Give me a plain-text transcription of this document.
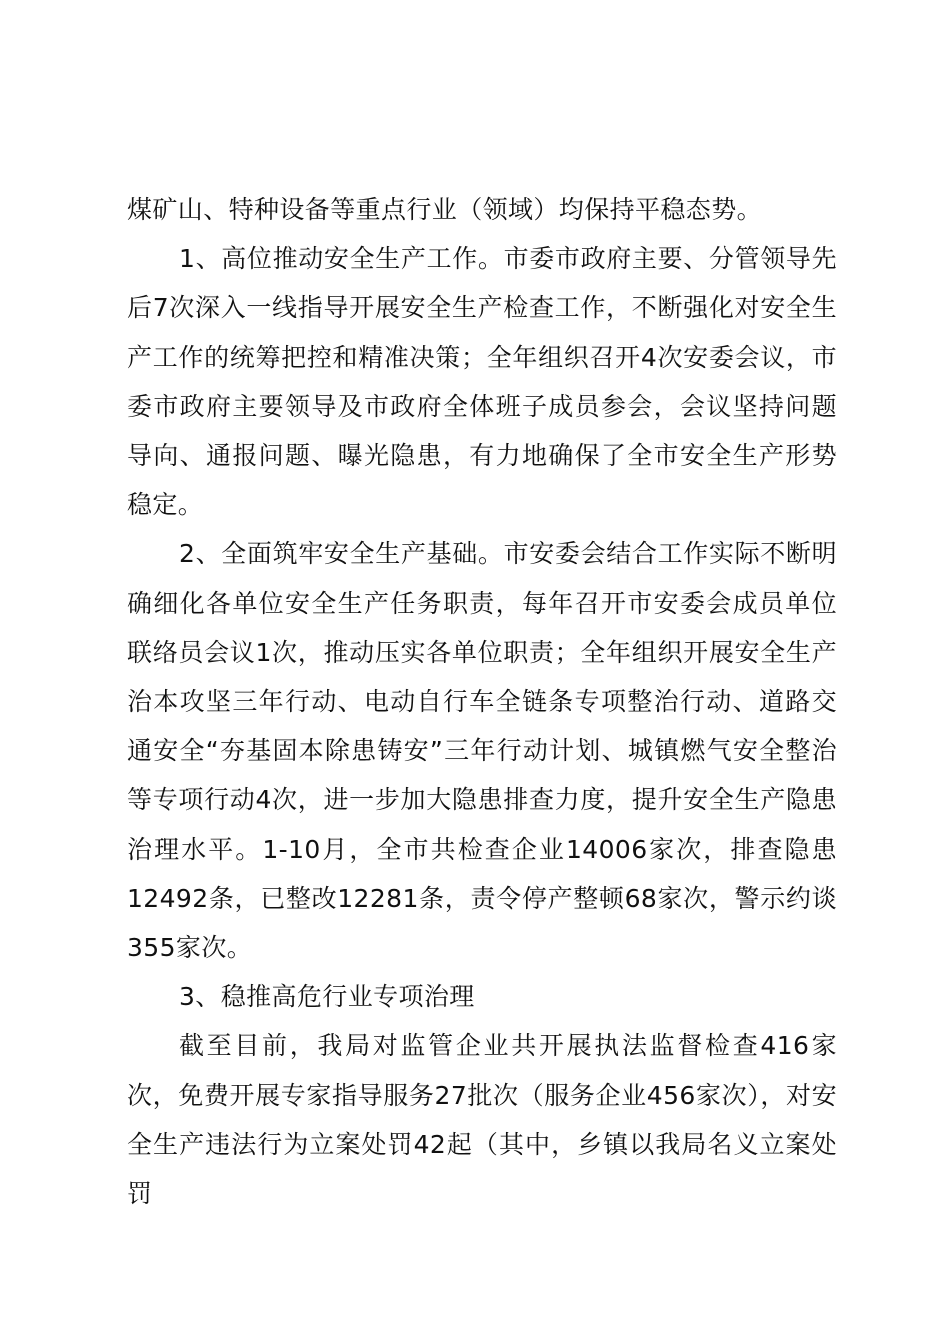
煤矿山、特种设备等重点行业（领域）均保持平稳态势。

1、高位推动安全生产工作。市委市政府主要、分管领导先后7次深入一线指导开展安全生产检查工作，不断强化对安全生产工作的统筹把控和精准决策；全年组织召开4次安委会议，市委市政府主要领导及市政府全体班子成员参会，会议坚持问题导向、通报问题、曝光隐患，有力地确保了全市安全生产形势稳定。

2、全面筑牢安全生产基础。市安委会结合工作实际不断明确细化各单位安全生产任务职责，每年召开市安委会成员单位联络员会议1次，推动压实各单位职责；全年组织开展安全生产治本攻坚三年行动、电动自行车全链条专项整治行动、道路交通安全“夯基固本除患铸安”三年行动计划、城镇燃气安全整治等专项行动4次，进一步加大隐患排查力度，提升安全生产隐患治理水平。1-10月，全市共检查企业14006家次，排查隐患12492条，已整改12281条，责令停产整顿68家次，警示约谈355家次。

3、稳推高危行业专项治理

截至目前，我局对监管企业共开展执法监督检查416家次，免费开展专家指导服务27批次（服务企业456家次），对安全生产违法行为立案处罚42起（其中，乡镇以我局名义立案处罚
